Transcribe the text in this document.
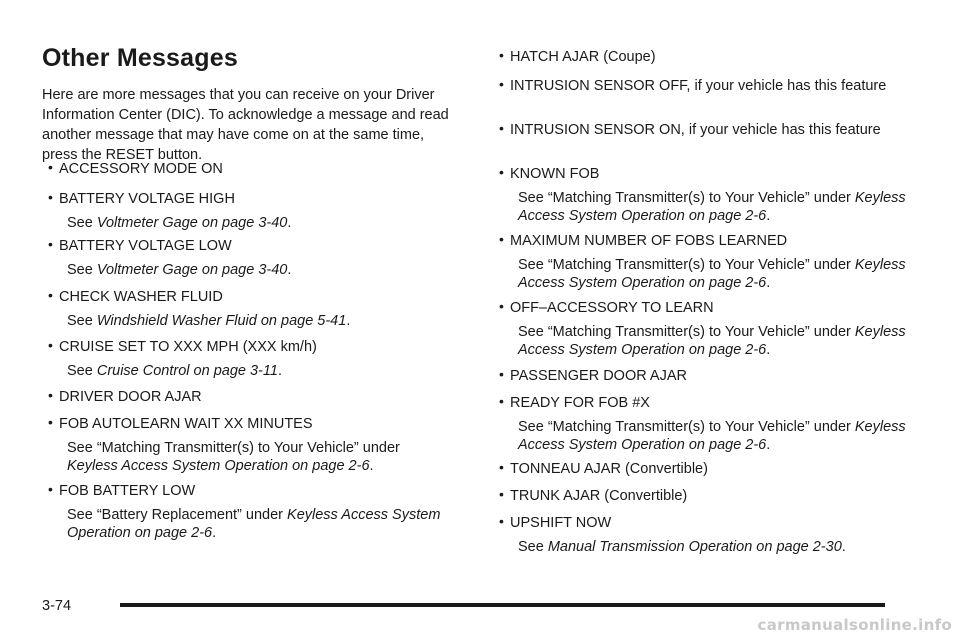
Other Messages

Here are more messages that you can receive on your Driver Information Center (DIC). To acknowledge a message and read another message that may have come on at the same time, press the RESET button.

• ACCESSORY MODE ON
• BATTERY VOLTAGE HIGH
See Voltmeter Gage on page 3-40.
• BATTERY VOLTAGE LOW
See Voltmeter Gage on page 3-40.
• CHECK WASHER FLUID
See Windshield Washer Fluid on page 5-41.
• CRUISE SET TO XXX MPH (XXX km/h)
See Cruise Control on page 3-11.
• DRIVER DOOR AJAR
• FOB AUTOLEARN WAIT XX MINUTES
See “Matching Transmitter(s) to Your Vehicle” under Keyless Access System Operation on page 2-6.
• FOB BATTERY LOW
See “Battery Replacement” under Keyless Access System Operation on page 2-6.
• HATCH AJAR (Coupe)
• INTRUSION SENSOR OFF, if your vehicle has this feature
• INTRUSION SENSOR ON, if your vehicle has this feature
• KNOWN FOB
See “Matching Transmitter(s) to Your Vehicle” under Keyless Access System Operation on page 2-6.
• MAXIMUM NUMBER OF FOBS LEARNED
See “Matching Transmitter(s) to Your Vehicle” under Keyless Access System Operation on page 2-6.
• OFF–ACCESSORY TO LEARN
See “Matching Transmitter(s) to Your Vehicle” under Keyless Access System Operation on page 2-6.
• PASSENGER DOOR AJAR
• READY FOR FOB #X
See “Matching Transmitter(s) to Your Vehicle” under Keyless Access System Operation on page 2-6.
• TONNEAU AJAR (Convertible)
• TRUNK AJAR (Convertible)
• UPSHIFT NOW
See Manual Transmission Operation on page 2-30.
3-74
carmanualsonline.info
